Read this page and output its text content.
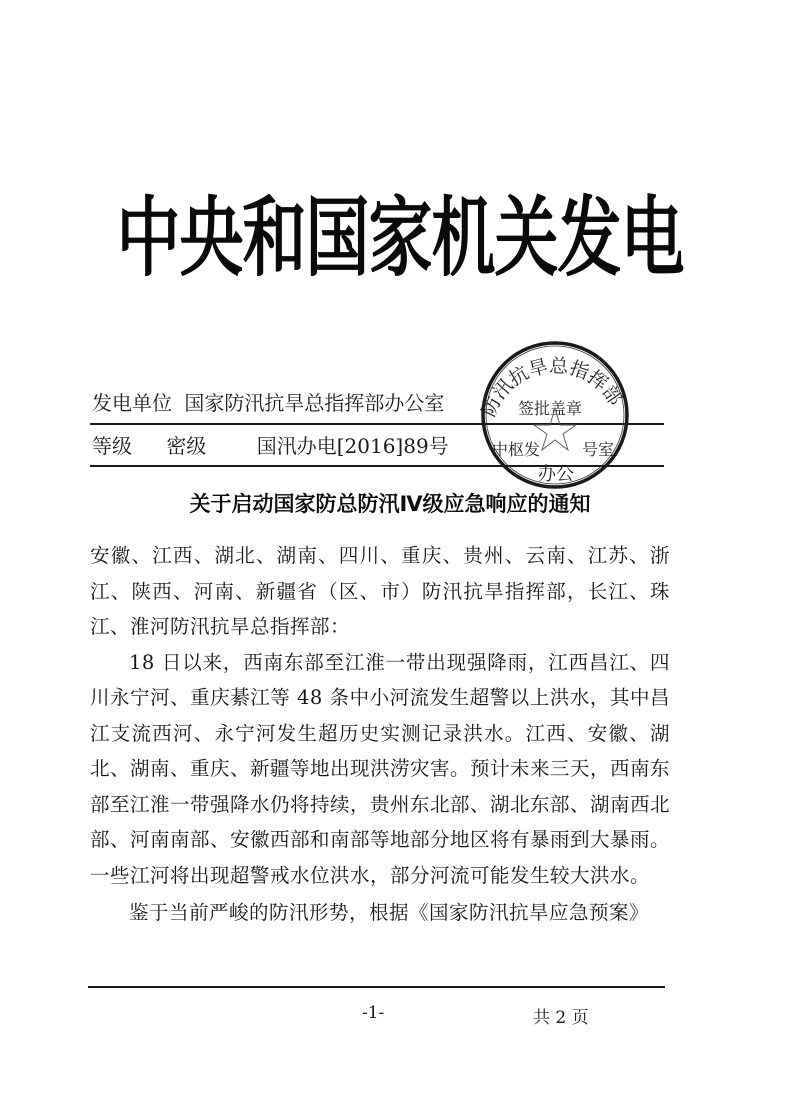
中央和国家机关发电
发电单位 国家防汛抗旱总指挥部办公室
等级 密级	国汛办电[2016]89号
防汛抗旱总指挥部
签批盖章
中枢发	号室
办公
关于启动国家防总防汛Ⅳ级应急响应的通知

安徽、江西、湖北、湖南、四川、重庆、贵州、云南、江苏、浙江、陕西、河南、新疆省（区、市）防汛抗旱指挥部，长江、珠江、淮河防汛抗旱总指挥部：

18 日以来，西南东部至江淮一带出现强降雨，江西昌江、四川永宁河、重庆綦江等 48 条中小河流发生超警以上洪水，其中昌江支流西河、永宁河发生超历史实测记录洪水。江西、安徽、湖北、湖南、重庆、新疆等地出现洪涝灾害。预计未来三天，西南东部至江淮一带强降水仍将持续，贵州东北部、湖北东部、湖南西北部、河南南部、安徽西部和南部等地部分地区将有暴雨到大暴雨。一些江河将出现超警戒水位洪水，部分河流可能发生较大洪水。

鉴于当前严峻的防汛形势，根据《国家防汛抗旱应急预案》

-1-	共 2 页
